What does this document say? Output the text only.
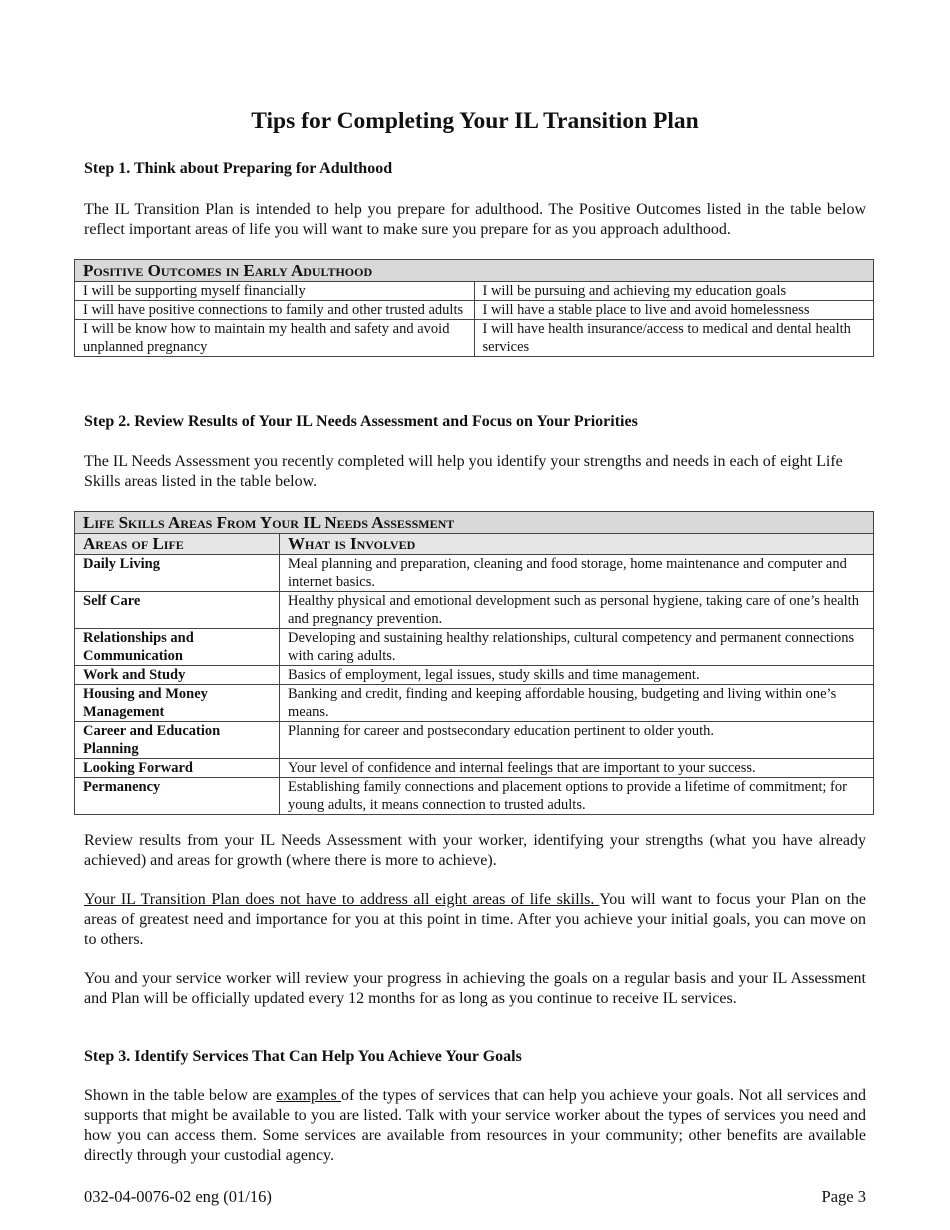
Tips for Completing Your IL Transition Plan

Step 1. Think about Preparing for Adulthood

The IL Transition Plan is intended to help you prepare for adulthood. The Positive Outcomes listed in the table below reflect important areas of life you will want to make sure you prepare for as you approach adulthood.

Positive Outcomes in Early Adulthood	
I will be supporting myself financially	I will be pursuing and achieving my education goals
I will have positive connections to family and other trusted adults	I will have a stable place to live and avoid homelessness
I will be know how to maintain my health and safety and avoid unplanned pregnancy	I will have health insurance/access to medical and dental health services

Step 2. Review Results of Your IL Needs Assessment and Focus on Your Priorities

The IL Needs Assessment you recently completed will help you identify your strengths and needs in each of eight Life Skills areas listed in the table below.

Life Skills Areas From Your IL Needs Assessment	
Areas of Life	What is Involved
Daily Living	Meal planning and preparation, cleaning and food storage, home maintenance and computer and internet basics.
Self Care	Healthy physical and emotional development such as personal hygiene, taking care of one’s health and pregnancy prevention.
Relationships and Communication	Developing and sustaining healthy relationships, cultural competency and permanent connections with caring adults.
Work and Study	Basics of employment, legal issues, study skills and time management.
Housing and Money Management	Banking and credit, finding and keeping affordable housing, budgeting and living within one’s means.
Career and Education Planning	Planning for career and postsecondary education pertinent to older youth.
Looking Forward	Your level of confidence and internal feelings that are important to your success.
Permanency	Establishing family connections and placement options to provide a lifetime of commitment; for young adults, it means connection to trusted adults.

Review results from your IL Needs Assessment with your worker, identifying your strengths (what you have already achieved) and areas for growth (where there is more to achieve).

Your IL Transition Plan does not have to address all eight areas of life skills. You will want to focus your Plan on the areas of greatest need and importance for you at this point in time. After you achieve your initial goals, you can move on to others.

You and your service worker will review your progress in achieving the goals on a regular basis and your IL Assessment and Plan will be officially updated every 12 months for as long as you continue to receive IL services.

Step 3. Identify Services That Can Help You Achieve Your Goals

Shown in the table below are examples of the types of services that can help you achieve your goals. Not all services and supports that might be available to you are listed. Talk with your service worker about the types of services you need and how you can access them. Some services are available from resources in your community; other benefits are available directly through your custodial agency.

032-04-0076-02 eng (01/16)	Page 3
